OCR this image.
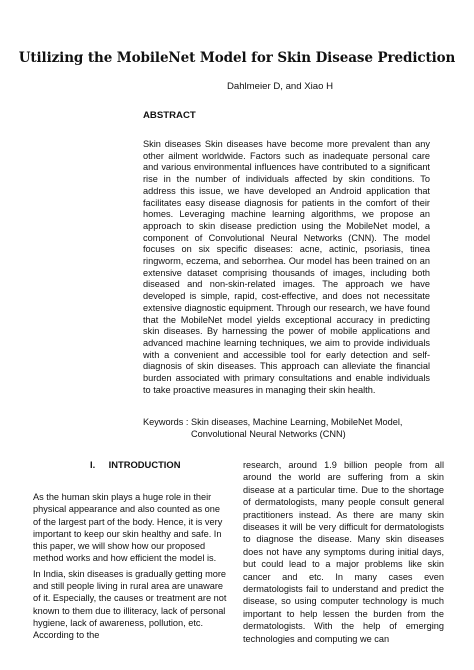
Utilizing the MobileNet Model for Skin Disease Prediction
Dahlmeier D, and Xiao H
ABSTRACT
Skin diseases Skin diseases have become more prevalent than any other ailment worldwide. Factors such as inadequate personal care and various environmental influences have contributed to a significant rise in the number of individuals affected by skin conditions. To address this issue, we have developed an Android application that facilitates easy disease diagnosis for patients in the comfort of their homes. Leveraging machine learning algorithms, we propose an approach to skin disease prediction using the MobileNet model, a component of Convolutional Neural Networks (CNN). The model focuses on six specific diseases: acne, actinic, psoriasis, tinea ringworm, eczema, and seborrhea. Our model has been trained on an extensive dataset comprising thousands of images, including both diseased and non-skin-related images. The approach we have developed is simple, rapid, cost-effective, and does not necessitate extensive diagnostic equipment. Through our research, we have found that the MobileNet model yields exceptional accuracy in predicting skin diseases. By harnessing the power of mobile applications and advanced machine learning techniques, we aim to provide individuals with a convenient and accessible tool for early detection and self-diagnosis of skin diseases. This approach can alleviate the financial burden associated with primary consultations and enable individuals to take proactive measures in managing their skin health.
Keywords : Skin diseases, Machine Learning, MobileNet Model, Convolutional Neural Networks (CNN)
I. INTRODUCTION

As the human skin plays a huge role in their physical appearance and also counted as one of the largest part of the body. Hence, it is very important to keep our skin healthy and safe. In this paper, we will show how our proposed method works and how efficient the model is.

In India, skin diseases is gradually getting more and still people living in rural area are unaware of it. Especially, the causes or treatment are not known to them due to illiteracy, lack of personal hygiene, lack of awareness, pollution, etc. According to the

research, around 1.9 billion people from all around the world are suffering from a skin disease at a particular time. Due to the shortage of dermatologists, many people consult general practitioners instead. As there are many skin diseases it will be very difficult for dermatologists to diagnose the disease. Many skin diseases does not have any symptoms during initial days, but could lead to a major problems like skin cancer and etc. In many cases even dermatologists fail to understand and predict the disease, so using computer technology is much important to help lessen the burden from the dermatologists. With the help of emerging technologies and computing we can
